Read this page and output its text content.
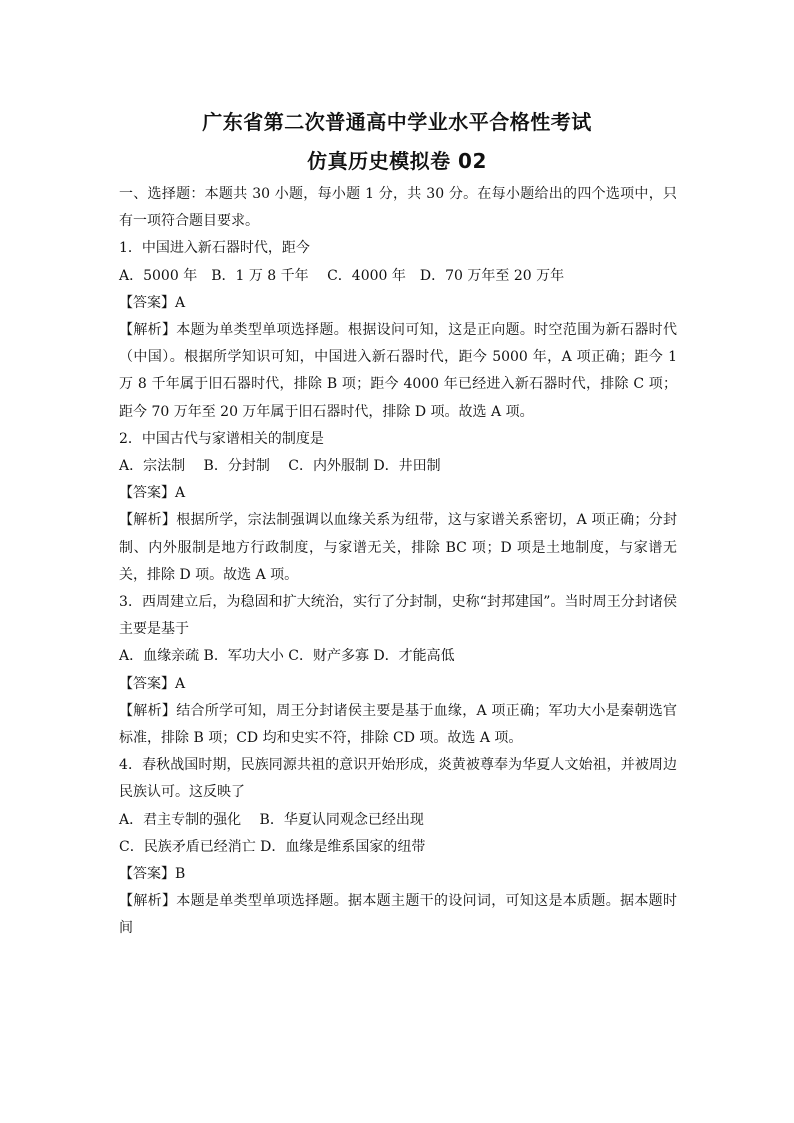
广东省第二次普通高中学业水平合格性考试
仿真历史模拟卷 02

一、选择题：本题共 30 小题，每小题 1 分，共 30 分。在每小题给出的四个选项中，只有一项符合题目要求。

1．中国进入新石器时代，距今

A．5000 年　B．1 万 8 千年　 C．4000 年　D．70 万年至 20 万年

【答案】A

【解析】本题为单类型单项选择题。根据设问可知，这是正向题。时空范围为新石器时代（中国）。根据所学知识可知，中国进入新石器时代，距今 5000 年，A 项正确；距今 1 万 8 千年属于旧石器时代，排除 B 项；距今 4000 年已经进入新石器时代，排除 C 项；距今 70 万年至 20 万年属于旧石器时代，排除 D 项。故选 A 项。

2．中国古代与家谱相关的制度是

A．宗法制　 B．分封制　 C．内外服制 D．井田制

【答案】A

【解析】根据所学，宗法制强调以血缘关系为纽带，这与家谱关系密切，A 项正确；分封制、内外服制是地方行政制度，与家谱无关，排除 BC 项；D 项是土地制度，与家谱无关，排除 D 项。故选 A 项。

3．西周建立后，为稳固和扩大统治，实行了分封制，史称“封邦建国”。当时周王分封诸侯主要是基于

A．血缘亲疏 B．军功大小 C．财产多寡 D．才能高低

【答案】A

【解析】结合所学可知，周王分封诸侯主要是基于血缘，A 项正确；军功大小是秦朝选官标准，排除 B 项；CD 均和史实不符，排除 CD 项。故选 A 项。

4．春秋战国时期，民族同源共祖的意识开始形成，炎黄被尊奉为华夏人文始祖，并被周边民族认可。这反映了

A．君主专制的强化　 B．华夏认同观念已经出现

C．民族矛盾已经消亡 D．血缘是维系国家的纽带

【答案】B

【解析】本题是单类型单项选择题。据本题主题干的设问词，可知这是本质题。据本题时间
